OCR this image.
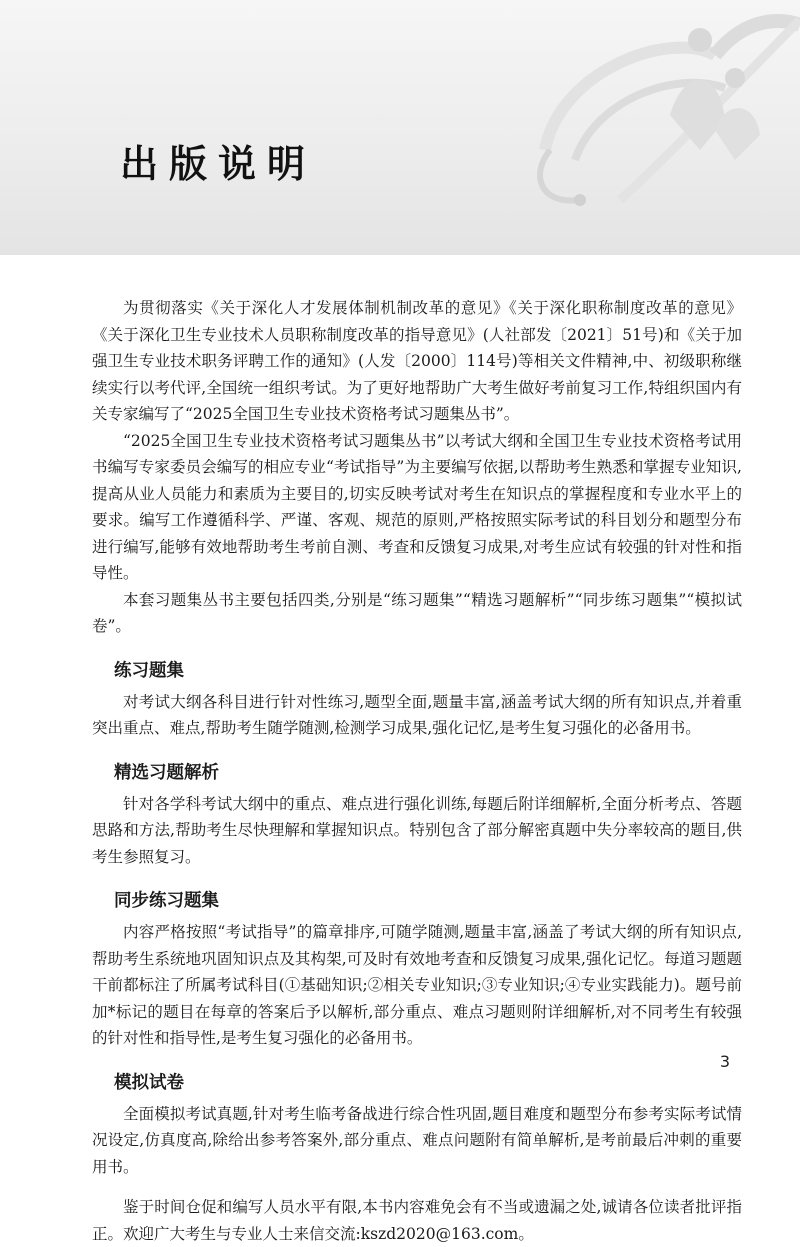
出版说明

为贯彻落实《关于深化人才发展体制机制改革的意见》《关于深化职称制度改革的意见》《关于深化卫生专业技术人员职称制度改革的指导意见》(人社部发〔2021〕51号)和《关于加强卫生专业技术职务评聘工作的通知》(人发〔2000〕114号)等相关文件精神,中、初级职称继续实行以考代评,全国统一组织考试。为了更好地帮助广大考生做好考前复习工作,特组织国内有关专家编写了“2025全国卫生专业技术资格考试习题集丛书”。

“2025全国卫生专业技术资格考试习题集丛书”以考试大纲和全国卫生专业技术资格考试用书编写专家委员会编写的相应专业“考试指导”为主要编写依据,以帮助考生熟悉和掌握专业知识,提高从业人员能力和素质为主要目的,切实反映考试对考生在知识点的掌握程度和专业水平上的要求。编写工作遵循科学、严谨、客观、规范的原则,严格按照实际考试的科目划分和题型分布进行编写,能够有效地帮助考生考前自测、考查和反馈复习成果,对考生应试有较强的针对性和指导性。

本套习题集丛书主要包括四类,分别是“练习题集”“精选习题解析”“同步练习题集”“模拟试卷”。

练习题集

对考试大纲各科目进行针对性练习,题型全面,题量丰富,涵盖考试大纲的所有知识点,并着重突出重点、难点,帮助考生随学随测,检测学习成果,强化记忆,是考生复习强化的必备用书。

精选习题解析

针对各学科考试大纲中的重点、难点进行强化训练,每题后附详细解析,全面分析考点、答题思路和方法,帮助考生尽快理解和掌握知识点。特别包含了部分解密真题中失分率较高的题目,供考生参照复习。

同步练习题集

内容严格按照“考试指导”的篇章排序,可随学随测,题量丰富,涵盖了考试大纲的所有知识点,帮助考生系统地巩固知识点及其构架,可及时有效地考查和反馈复习成果,强化记忆。每道习题题干前都标注了所属考试科目(①基础知识;②相关专业知识;③专业知识;④专业实践能力)。题号前加*标记的题目在每章的答案后予以解析,部分重点、难点习题则附详细解析,对不同考生有较强的针对性和指导性,是考生复习强化的必备用书。

模拟试卷

全面模拟考试真题,针对考生临考备战进行综合性巩固,题目难度和题型分布参考实际考试情况设定,仿真度高,除给出参考答案外,部分重点、难点问题附有简单解析,是考前最后冲刺的重要用书。

鉴于时间仓促和编写人员水平有限,本书内容难免会有不当或遗漏之处,诚请各位读者批评指正。欢迎广大考生与专业人士来信交流:kszd2020@163.com。

3
